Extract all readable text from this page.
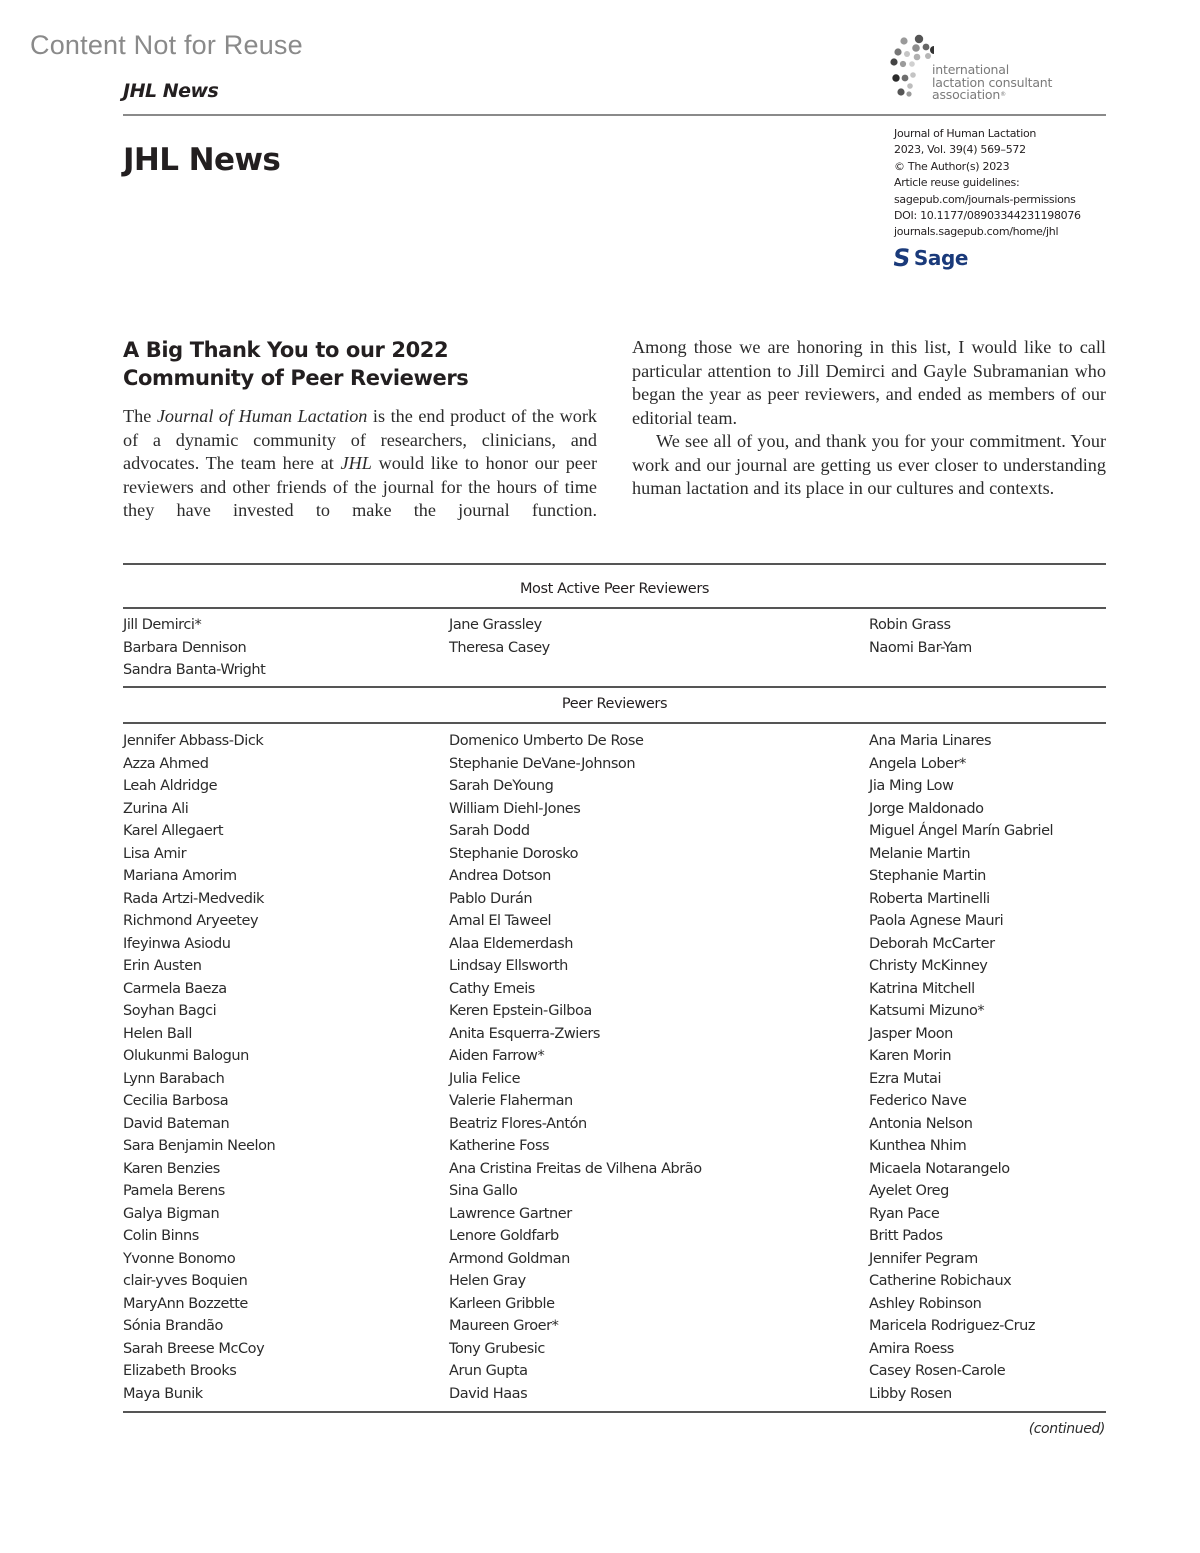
Content Not for Reuse
JHL News
JHL News
international
lactation consultant
association®
Journal of Human Lactation
2023, Vol. 39(4) 569–572
© The Author(s) 2023
Article reuse guidelines:
sagepub.com/journals-permissions
DOI: 10.1177/08903344231198076
journals.sagepub.com/home/jhl
S Sage
A Big Thank You to our 2022
Community of Peer Reviewers

The Journal of Human Lactation is the end product of the work of a dynamic community of researchers, clinicians, and advocates. The team here at JHL would like to honor our peer reviewers and other friends of the journal for the hours of time they have invested to make the journal function.

Among those we are honoring in this list, I would like to call particular attention to Jill Demirci and Gayle Subramanian who began the year as peer reviewers, and ended as members of our editorial team.

We see all of you, and thank you for your commitment. Your work and our journal are getting us ever closer to understanding human lactation and its place in our cultures and contexts.

Most Active Peer Reviewers
Jill Demirci*
Barbara Dennison
Sandra Banta-Wright
Jane Grassley
Theresa Casey
Robin Grass
Naomi Bar-Yam
Peer Reviewers
Jennifer Abbass-Dick
Azza Ahmed
Leah Aldridge
Zurina Ali
Karel Allegaert
Lisa Amir
Mariana Amorim
Rada Artzi-Medvedik
Richmond Aryeetey
Ifeyinwa Asiodu
Erin Austen
Carmela Baeza
Soyhan Bagci
Helen Ball
Olukunmi Balogun
Lynn Barabach
Cecilia Barbosa
David Bateman
Sara Benjamin Neelon
Karen Benzies
Pamela Berens
Galya Bigman
Colin Binns
Yvonne Bonomo
clair-yves Boquien
MaryAnn Bozzette
Sónia Brandão
Sarah Breese McCoy
Elizabeth Brooks
Maya Bunik
Domenico Umberto De Rose
Stephanie DeVane-Johnson
Sarah DeYoung
William Diehl-Jones
Sarah Dodd
Stephanie Dorosko
Andrea Dotson
Pablo Durán
Amal El Taweel
Alaa Eldemerdash
Lindsay Ellsworth
Cathy Emeis
Keren Epstein-Gilboa
Anita Esquerra-Zwiers
Aiden Farrow*
Julia Felice
Valerie Flaherman
Beatriz Flores-Antón
Katherine Foss
Ana Cristina Freitas de Vilhena Abrão
Sina Gallo
Lawrence Gartner
Lenore Goldfarb
Armond Goldman
Helen Gray
Karleen Gribble
Maureen Groer*
Tony Grubesic
Arun Gupta
David Haas
Ana Maria Linares
Angela Lober*
Jia Ming Low
Jorge Maldonado
Miguel Ángel Marín Gabriel
Melanie Martin
Stephanie Martin
Roberta Martinelli
Paola Agnese Mauri
Deborah McCarter
Christy McKinney
Katrina Mitchell
Katsumi Mizuno*
Jasper Moon
Karen Morin
Ezra Mutai
Federico Nave
Antonia Nelson
Kunthea Nhim
Micaela Notarangelo
Ayelet Oreg
Ryan Pace
Britt Pados
Jennifer Pegram
Catherine Robichaux
Ashley Robinson
Maricela Rodriguez-Cruz
Amira Roess
Casey Rosen-Carole
Libby Rosen
(continued)
